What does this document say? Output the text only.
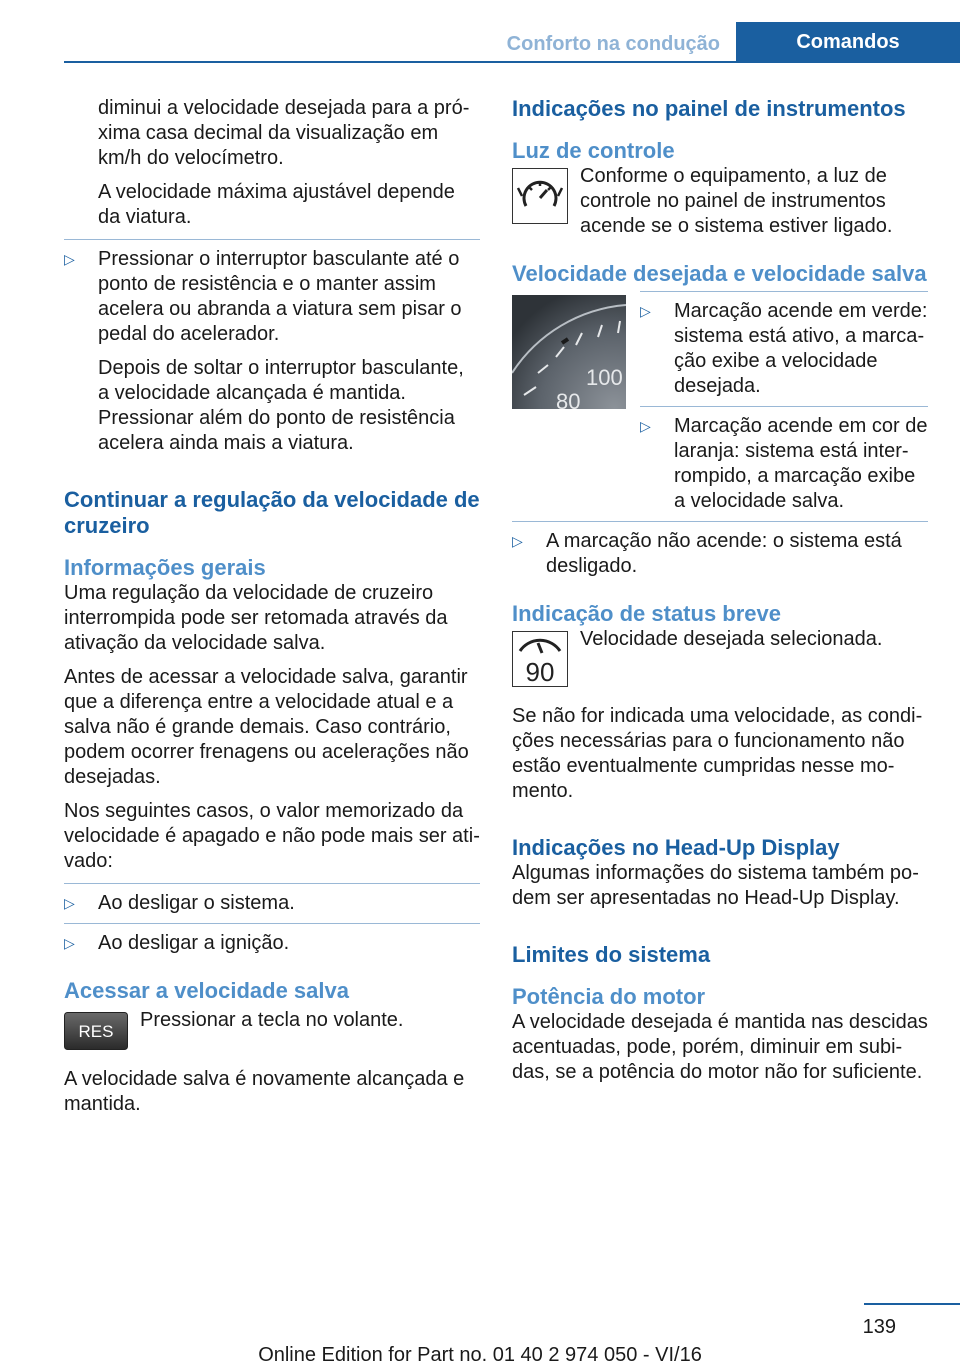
Conforto na condução	Comandos

diminui a velocidade desejada para a próxima casa decimal da visualização em km/h do velocímetro.

A velocidade máxima ajustável depende da viatura.

▷ Pressionar o interruptor basculante até o ponto de resistência e o manter assim acelera ou abranda a viatura sem pisar o pedal do acelerador.

Depois de soltar o interruptor basculante, a velocidade alcançada é mantida. Pressionar além do ponto de resistência acelera ainda mais a viatura.

Continuar a regulação da velocidade de cruzeiro
Informações gerais

Uma regulação da velocidade de cruzeiro interrompida pode ser retomada através da ativação da velocidade salva.

Antes de acessar a velocidade salva, garantir que a diferença entre a velocidade atual e a salva não é grande demais. Caso contrário, podem ocorrer frenagens ou acelerações não desejadas.

Nos seguintes casos, o valor memorizado da velocidade é apagado e não pode mais ser ativado:

▷ Ao desligar o sistema.
▷ Ao desligar a ignição.
Acessar a velocidade salva
RES

Pressionar a tecla no volante.

A velocidade salva é novamente alcançada e mantida.

Indicações no painel de instrumentos
Luz de controle

Conforme o equipamento, a luz de controle no painel de instrumentos acende se o sistema estiver ligado.

Velocidade desejada e velocidade salva
100
80
▷ Marcação acende em verde: sistema está ativo, a marcação exibe a velocidade desejada.
▷ Marcação acende em cor de laranja: sistema está interrompido, a marcação exibe a velocidade salva.
▷ A marcação não acende: o sistema está desligado.
Indicação de status breve
90

Velocidade desejada selecionada.

Se não for indicada uma velocidade, as condições necessárias para o funcionamento não estão eventualmente cumpridas nesse momento.

Indicações no Head-Up Display

Algumas informações do sistema também podem ser apresentadas no Head-Up Display.

Limites do sistema
Potência do motor

A velocidade desejada é mantida nas descidas acentuadas, pode, porém, diminuir em subidas, se a potência do motor não for suficiente.

139
Online Edition for Part no. 01 40 2 974 050 - VI/16
